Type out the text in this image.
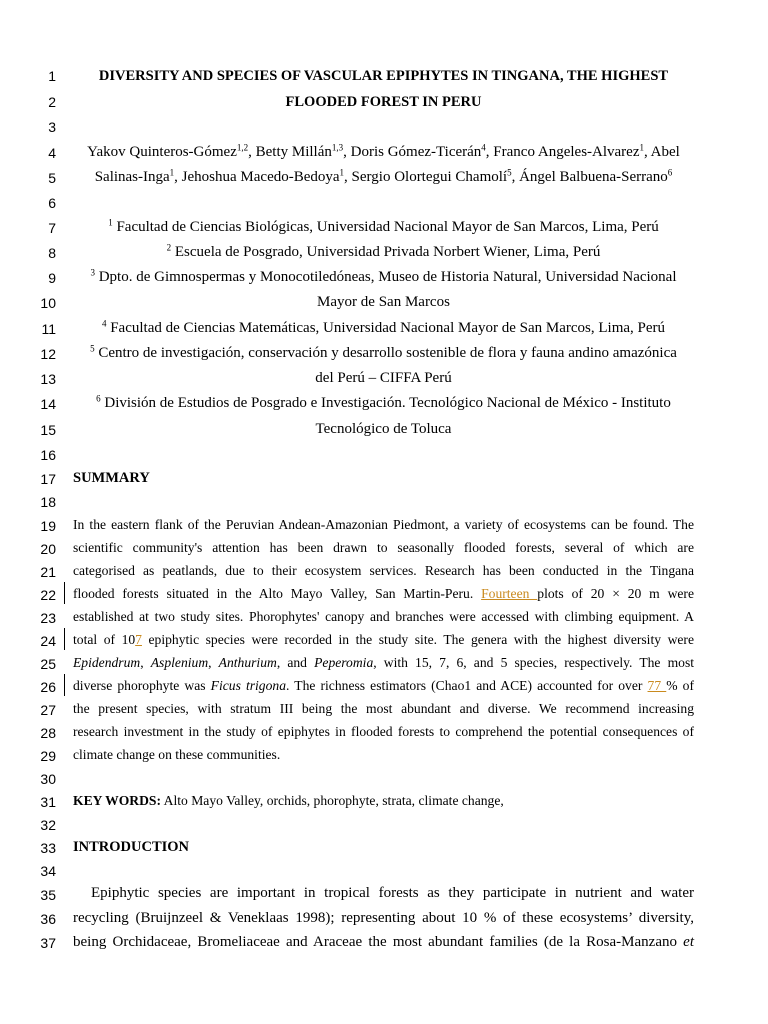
1
2
3
4
5
6
7
8
9
10
11
12
13
14
15
16
17
18
19
20
21
22
23
24
25
26
27
28
29
30
31
32
33
34
35
36
37
DIVERSITY AND SPECIES OF VASCULAR EPIPHYTES IN TINGANA, THE HIGHEST
FLOODED FOREST IN PERU
Yakov Quinteros-Gómez$^{1,2}$, Betty Millán$^{1,3}$, Doris Gómez-Ticerán$^4$, Franco Angeles-Alvarez$^1$, Abel
Salinas-Inga$^1$, Jehoshua Macedo-Bedoya$^1$, Sergio Olortegui Chamolí$^5$, Ángel Balbuena-Serrano$^6$
$^1$ Facultad de Ciencias Biológicas, Universidad Nacional Mayor de San Marcos, Lima, Perú
$^2$ Escuela de Posgrado, Universidad Privada Norbert Wiener, Lima, Perú
$^3$ Dpto. de Gimnospermas y Monocotiledóneas, Museo de Historia Natural, Universidad Nacional
Mayor de San Marcos
$^4$ Facultad de Ciencias Matemáticas, Universidad Nacional Mayor de San Marcos, Lima, Perú
$^5$ Centro de investigación, conservación y desarrollo sostenible de flora y fauna andino amazónica
del Perú – CIFFA Perú
$^6$ División de Estudios de Posgrado e Investigación. Tecnológico Nacional de México - Instituto
Tecnológico de Toluca
SUMMARY
In the eastern flank of the Peruvian Andean-Amazonian Piedmont, a variety of ecosystems can be found. The
scientific community's attention has been drawn to seasonally flooded forests, several of which are
categorised as peatlands, due to their ecosystem services. Research has been conducted in the Tingana
flooded forests situated in the Alto Mayo Valley, San Martin-Peru. Fourteen plots of 20 × 20 m were
established at two study sites. Phorophytes' canopy and branches were accessed with climbing equipment. A
total of 107 epiphytic species were recorded in the study site. The genera with the highest diversity were
Epidendrum, Asplenium, Anthurium, and Peperomia, with 15, 7, 6, and 5 species, respectively. The most
diverse phorophyte was Ficus trigona. The richness estimators (Chao1 and ACE) accounted for over 77 % of
the present species, with stratum III being the most abundant and diverse. We recommend increasing
research investment in the study of epiphytes in flooded forests to comprehend the potential consequences of
climate change on these communities.
KEY WORDS: Alto Mayo Valley, orchids, phorophyte, strata, climate change,
INTRODUCTION
Epiphytic species are important in tropical forests as they participate in nutrient and water
recycling (Bruijnzeel & Veneklaas 1998); representing about 10 % of these ecosystems’ diversity,
being Orchidaceae, Bromeliaceae and Araceae the most abundant families (de la Rosa-Manzano et
